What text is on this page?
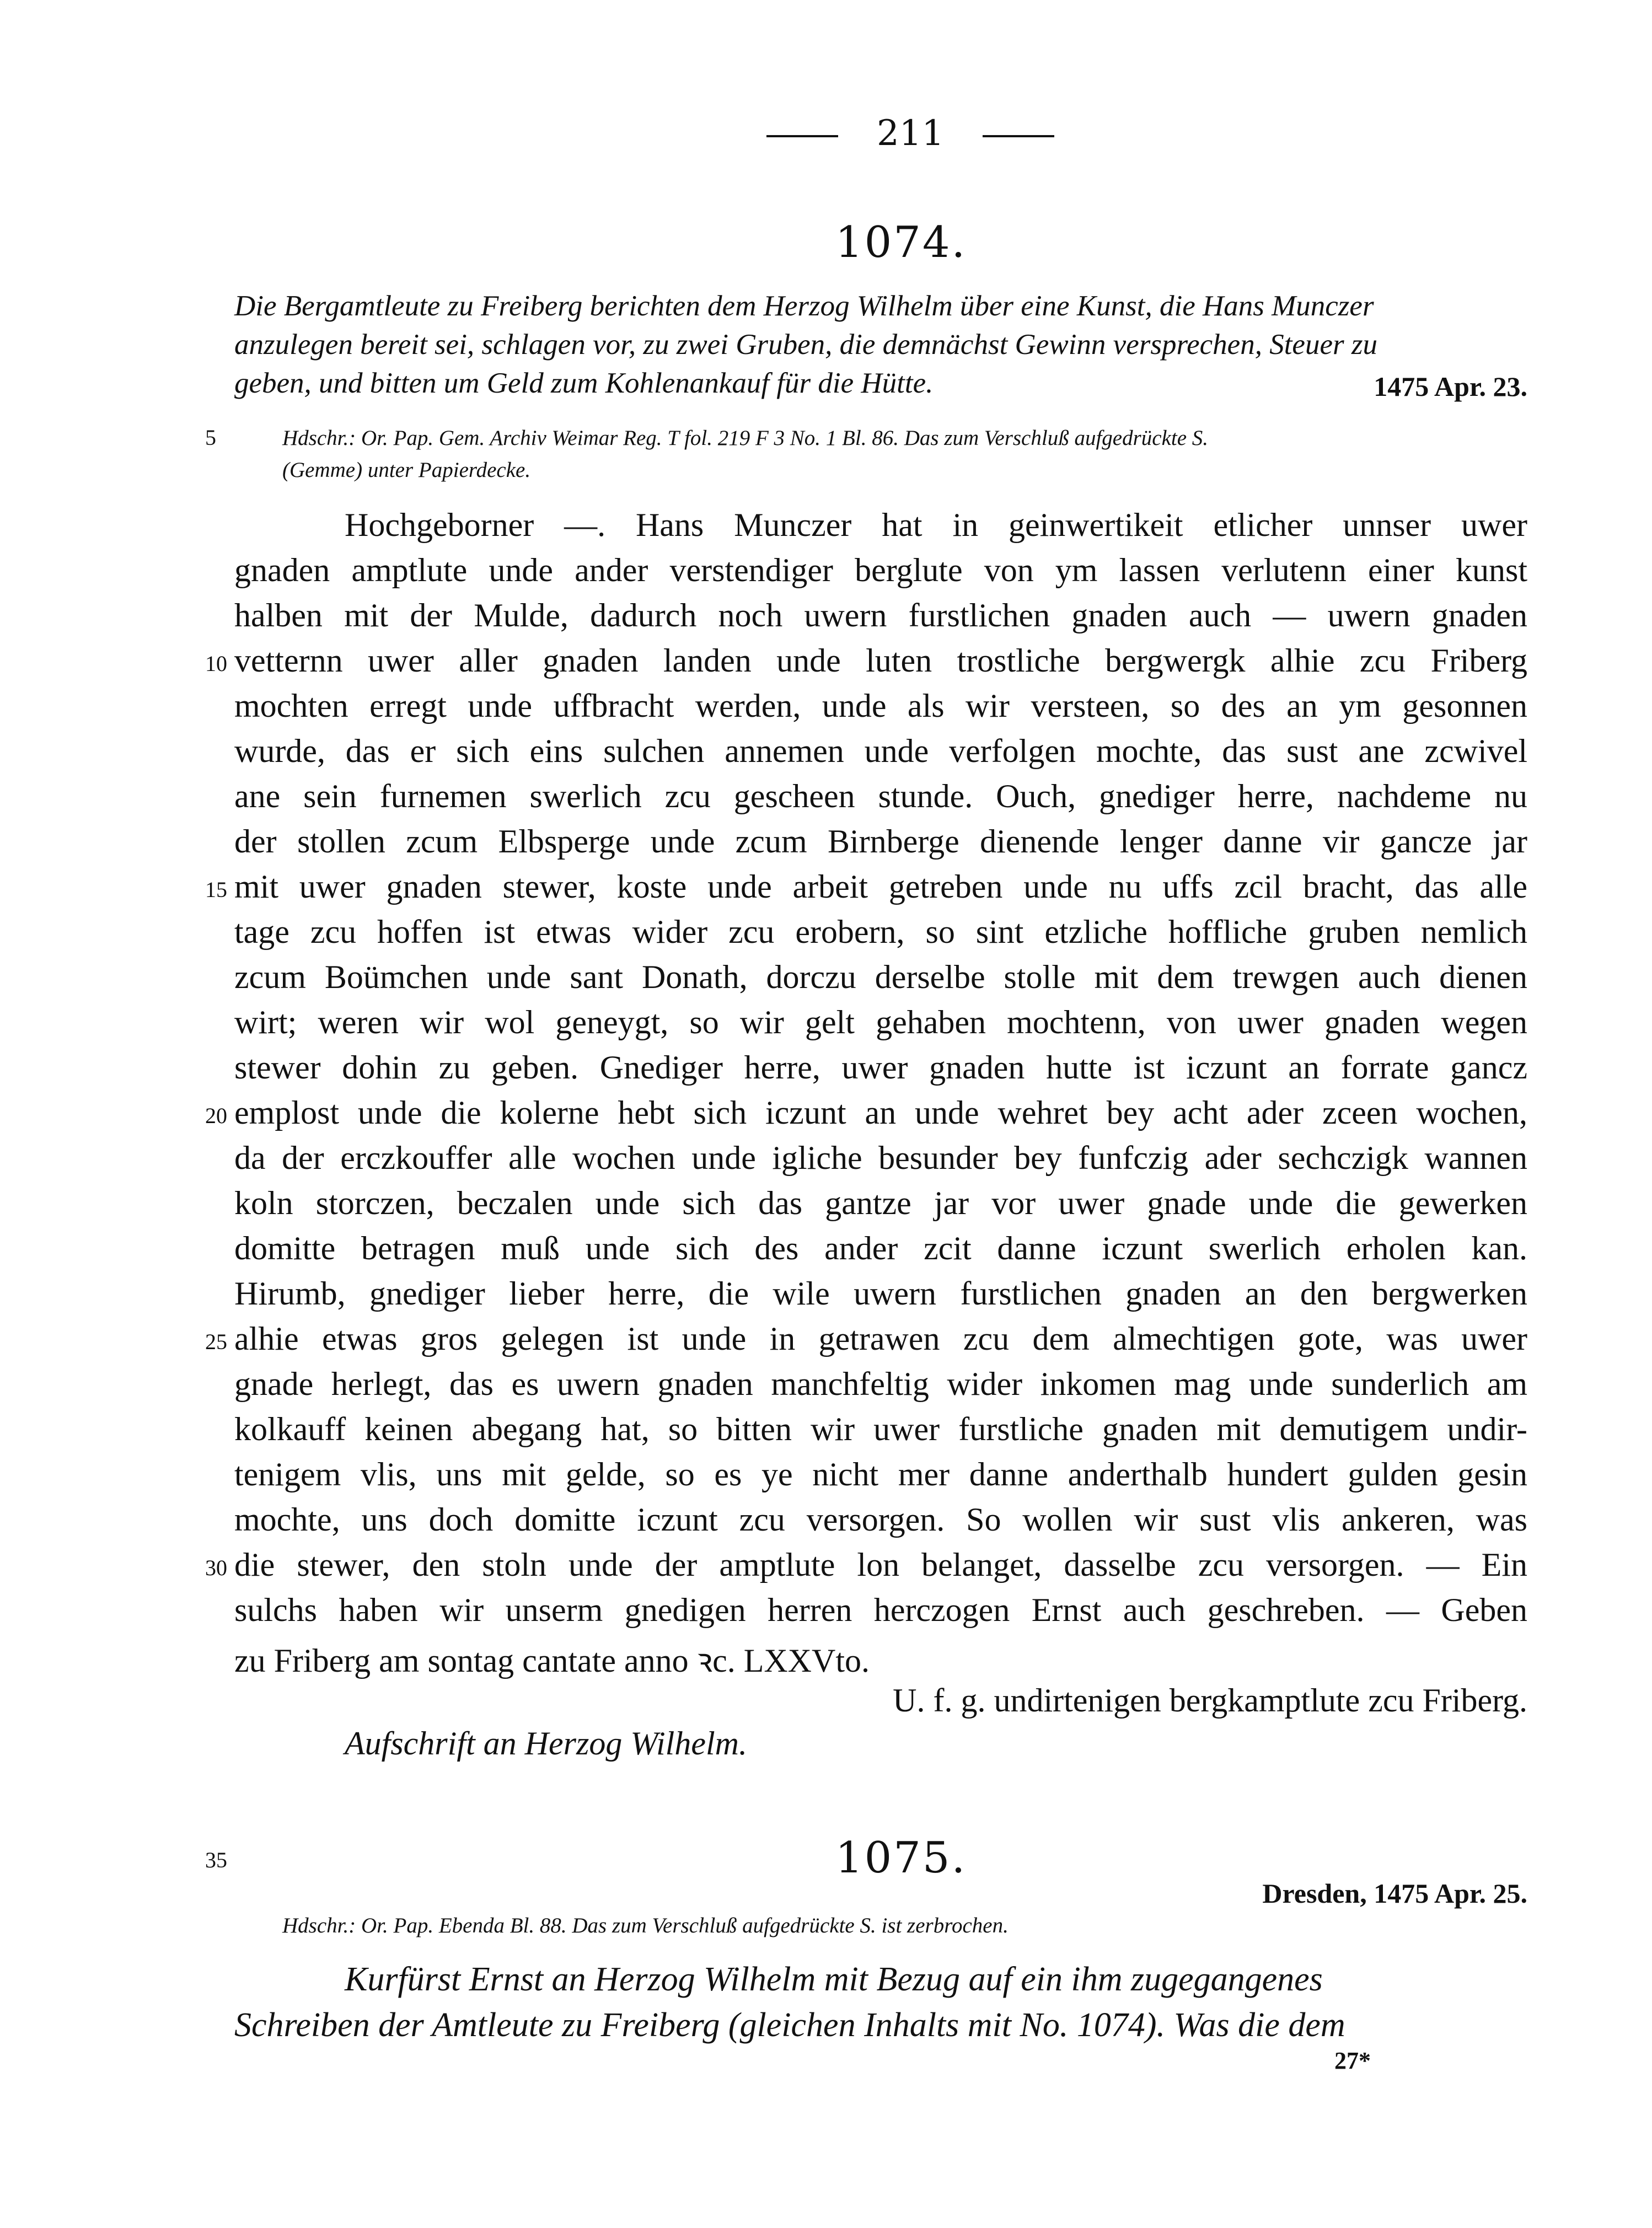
211
1074.
Die Bergamtleute zu Freiberg berichten dem Herzog Wilhelm über eine Kunst, die Hans Munczer
anzulegen bereit sei, schlagen vor, zu zwei Gruben, die demnächst Gewinn versprechen, Steuer zu
geben, und bitten um Geld zum Kohlenankauf für die Hütte.	1475 Apr. 23.
5	Hdschr.: Or. Pap. Gem. Archiv Weimar Reg. T fol. 219 F 3 No. 1 Bl. 86. Das zum Verschluß aufgedrückte S.
(Gemme) unter Papierdecke.
Hochgeborner —. Hans Munczer hat in geinwertikeit etlicher unnser uwer
gnaden amptlute unde ander verstendiger berglute von ym lassen verlutenn einer kunst
halben mit der Mulde, dadurch noch uwern furstlichen gnaden auch — uwern gnaden
10 vetternn uwer aller gnaden landen unde luten trostliche bergwergk alhie zcu Friberg
mochten erregt unde uffbracht werden, unde als wir versteen, so des an ym gesonnen
wurde, das er sich eins sulchen annemen unde verfolgen mochte, das sust ane zcwivel
ane sein furnemen swerlich zcu gescheen stunde. Ouch, gnediger herre, nachdeme nu
der stollen zcum Elbsperge unde zcum Birnberge dienende lenger danne vir gancze jar
15 mit uwer gnaden stewer, koste unde arbeit getreben unde nu uffs zcil bracht, das alle
tage zcu hoffen ist etwas wider zcu erobern, so sint etzliche hoffliche gruben nemlich
zcum Boümchen unde sant Donath, dorczu derselbe stolle mit dem trewgen auch dienen
wirt; weren wir wol geneygt, so wir gelt gehaben mochtenn, von uwer gnaden wegen
stewer dohin zu geben. Gnediger herre, uwer gnaden hutte ist iczunt an forrate gancz
20 emplost unde die kolerne hebt sich iczunt an unde wehret bey acht ader zceen wochen,
da der erczkouffer alle wochen unde igliche besunder bey funfczig ader sechczigk wannen
koln storczen, beczalen unde sich das gantze jar vor uwer gnade unde die gewerken
domitte betragen muß unde sich des ander zcit danne iczunt swerlich erholen kan.
Hirumb, gnediger lieber herre, die wile uwern furstlichen gnaden an den bergwerken
25 alhie etwas gros gelegen ist unde in getrawen zcu dem almechtigen gote, was uwer
gnade herlegt, das es uwern gnaden manchfeltig wider inkomen mag unde sunderlich am
kolkauff keinen abegang hat, so bitten wir uwer furstliche gnaden mit demutigem undir-
tenigem vlis, uns mit gelde, so es ye nicht mer danne anderthalb hundert gulden gesin
mochte, uns doch domitte iczunt zcu versorgen. So wollen wir sust vlis ankeren, was
30 die stewer, den stoln unde der amptlute lon belanget, dasselbe zcu versorgen. — Ein
sulchs haben wir unserm gnedigen herren herczogen Ernst auch geschreben. — Geben
zu Friberg am sontag cantate anno ꝛc. LXXVto.
U. f. g. undirtenigen bergkamptlute zcu Friberg.
Aufschrift an Herzog Wilhelm.
35	1075.
Dresden, 1475 Apr. 25.
Hdschr.: Or. Pap. Ebenda Bl. 88. Das zum Verschluß aufgedrückte S. ist zerbrochen.
Kurfürst Ernst an Herzog Wilhelm mit Bezug auf ein ihm zugegangenes
Schreiben der Amtleute zu Freiberg (gleichen Inhalts mit No. 1074). Was die dem
27*
